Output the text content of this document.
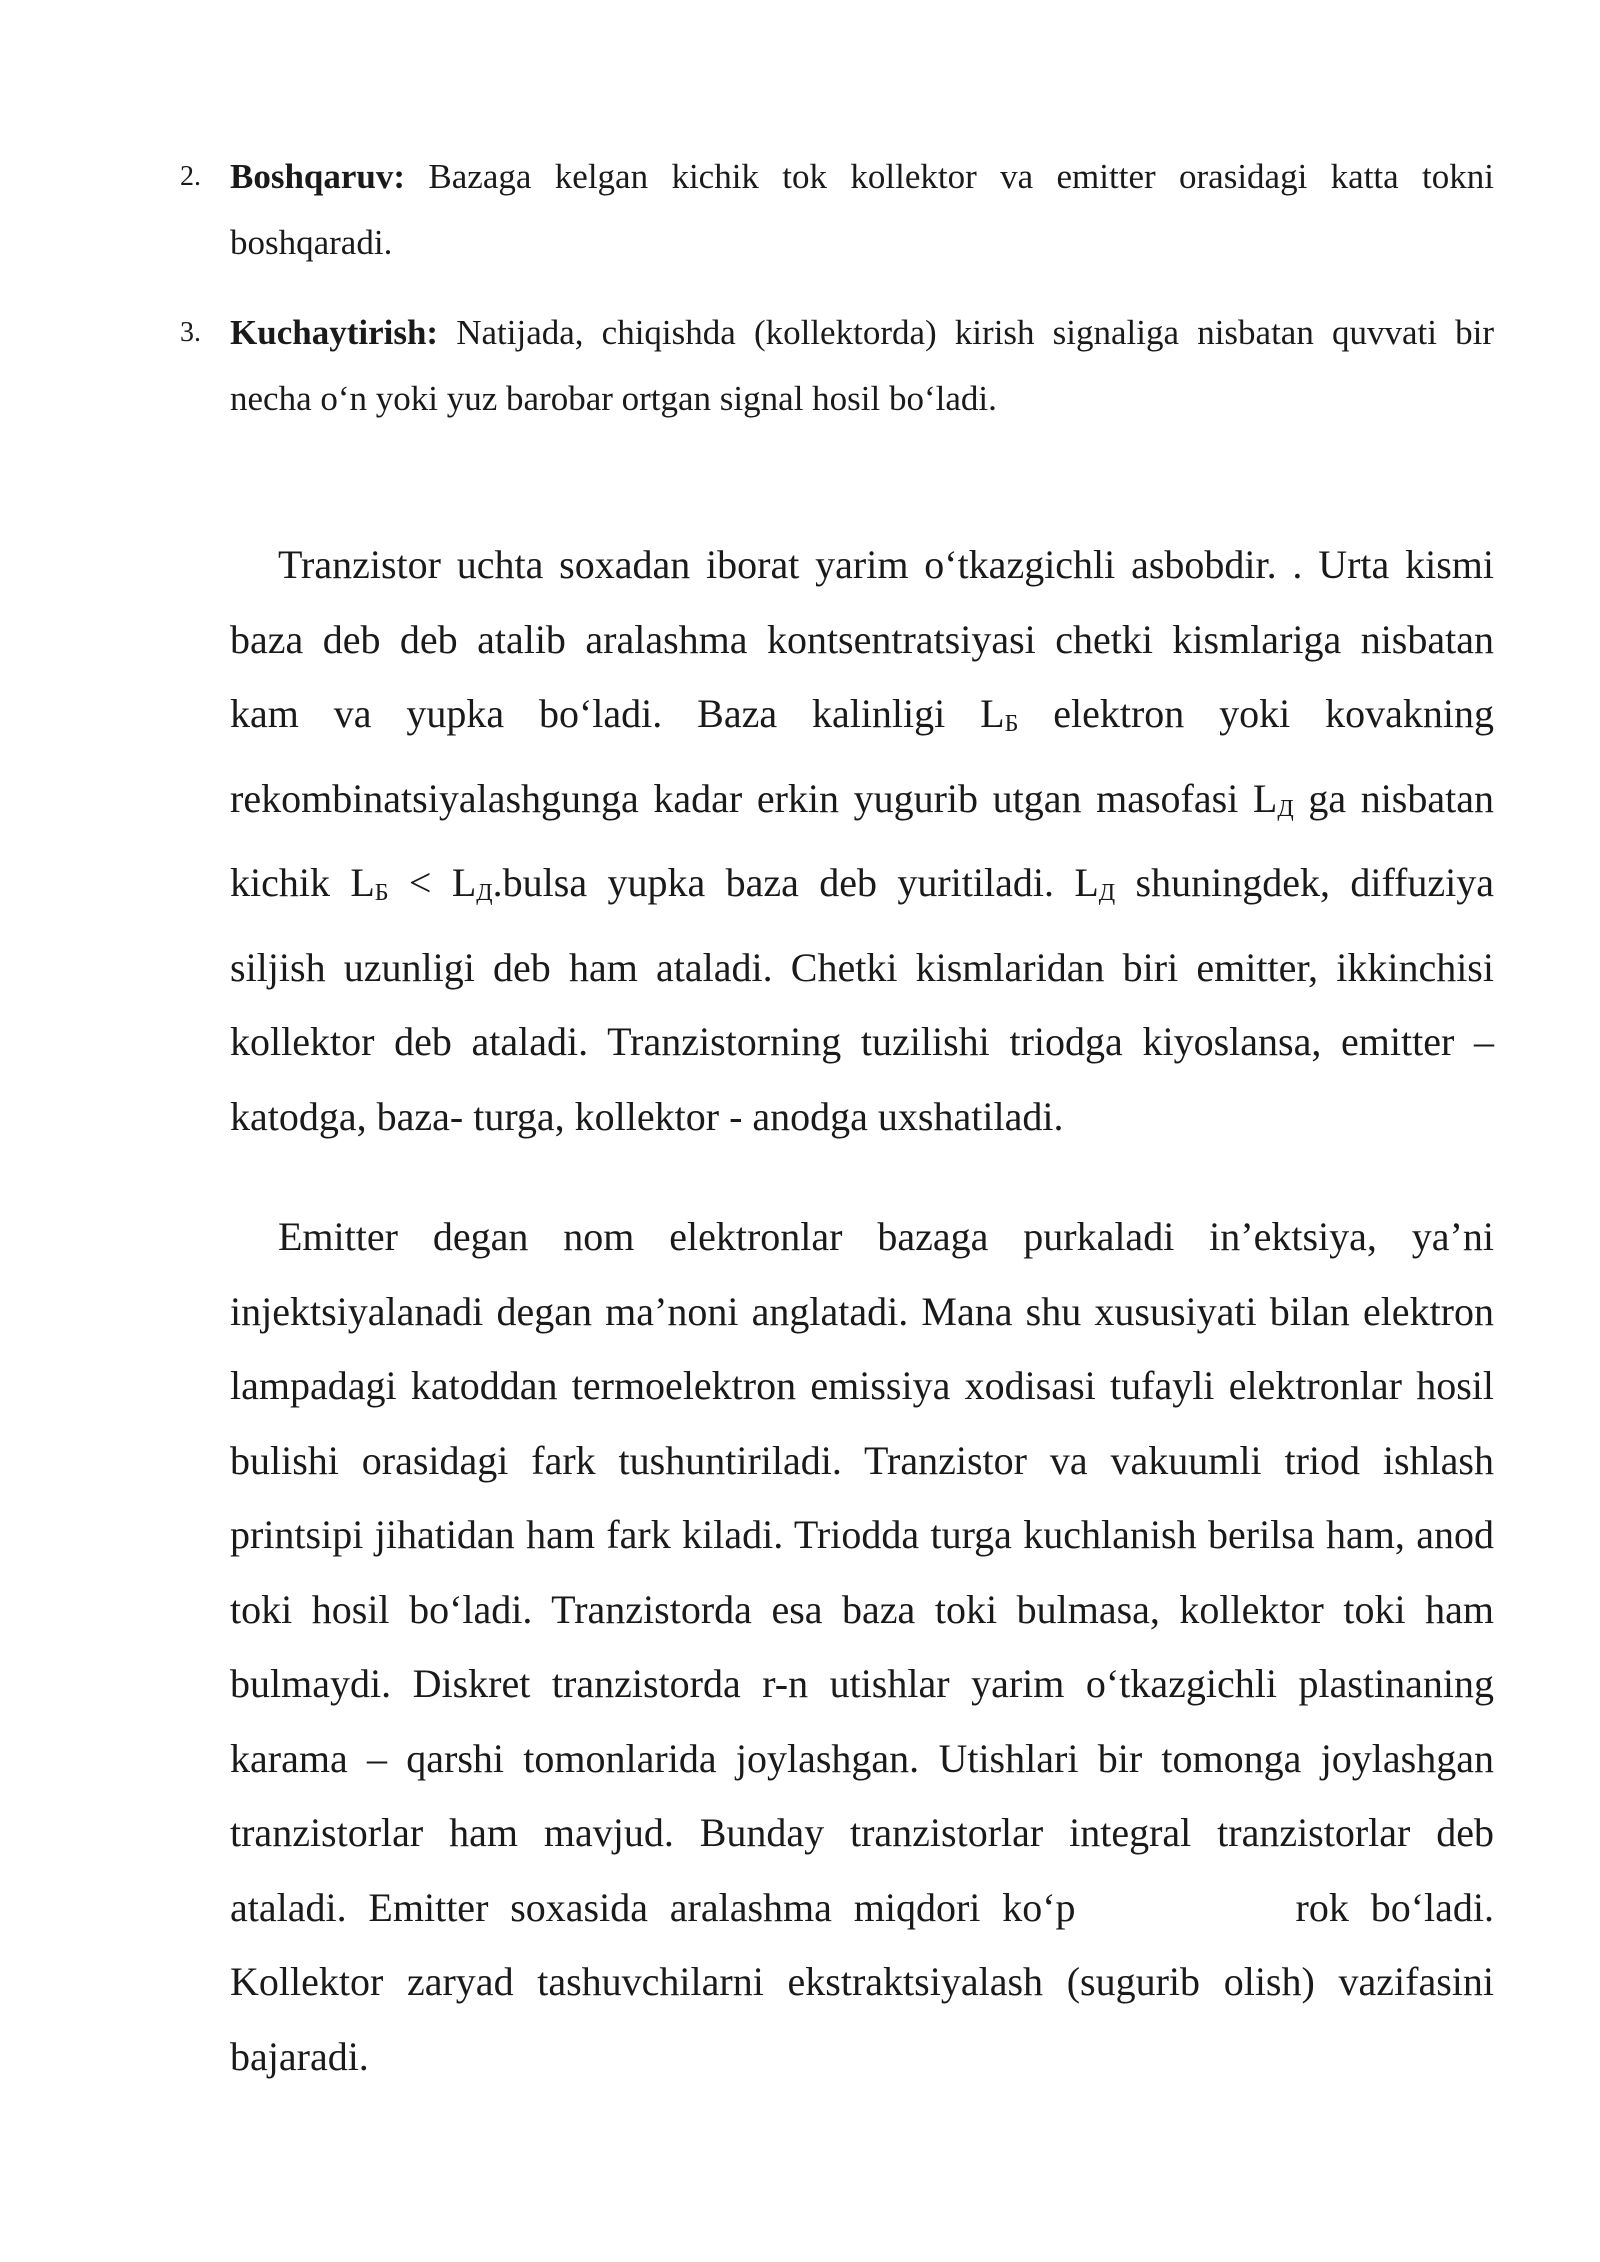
2. Boshqaruv: Bazaga kelgan kichik tok kollektor va emitter orasidagi katta tokni boshqaradi.
3. Kuchaytirish: Natijada, chiqishda (kollektorda) kirish signaliga nisbatan quvvati bir necha o‘n yoki yuz barobar ortgan signal hosil bo‘ladi.

Tranzistor uchta soxadan iborat yarim o‘tkazgichli asbobdir. . Urta kismi baza deb deb atalib aralashma kontsentratsiyasi chetki kismlariga nisbatan kam va yupka bo‘ladi. Baza kalinligi LБ elektron yoki kovakning rekombinatsiyalashgunga kadar erkin yugurib utgan masofasi LД ga nisbatan kichik LБ < LД.bulsa yupka baza deb yuritiladi. LД shuningdek, diffuziya siljish uzunligi deb ham ataladi. Chetki kismlaridan biri emitter, ikkinchisi kollektor deb ataladi. Tranzistorning tuzilishi triodga kiyoslansa, emitter – katodga, baza- turga, kollektor - anodga uxshatiladi.

Emitter degan nom elektronlar bazaga purkaladi in’ektsiya, ya’ni injektsiyalanadi degan ma’noni anglatadi. Mana shu xususiyati bilan elektron lampadagi katoddan termoelektron emissiya xodisasi tufayli elektronlar hosil bulishi orasidagi fark tushuntiriladi. Tranzistor va vakuumli triod ishlash printsipi jihatidan ham fark kiladi. Triodda turga kuchlanish berilsa ham, anod toki hosil bo‘ladi. Tranzistorda esa baza toki bulmasa, kollektor toki ham bulmaydi. Diskret tranzistorda r-n utishlar yarim o‘tkazgichli plastinaning karama – qarshi tomonlarida joylashgan. Utishlari bir tomonga joylashgan tranzistorlar ham mavjud. Bunday tranzistorlar integral tranzistorlar deb ataladi. Emitter soxasida aralashma miqdori ko‘p	rok bo‘ladi. Kollektor zaryad tashuvchilarni ekstraktsiyalash (sugurib olish) vazifasini bajaradi.
